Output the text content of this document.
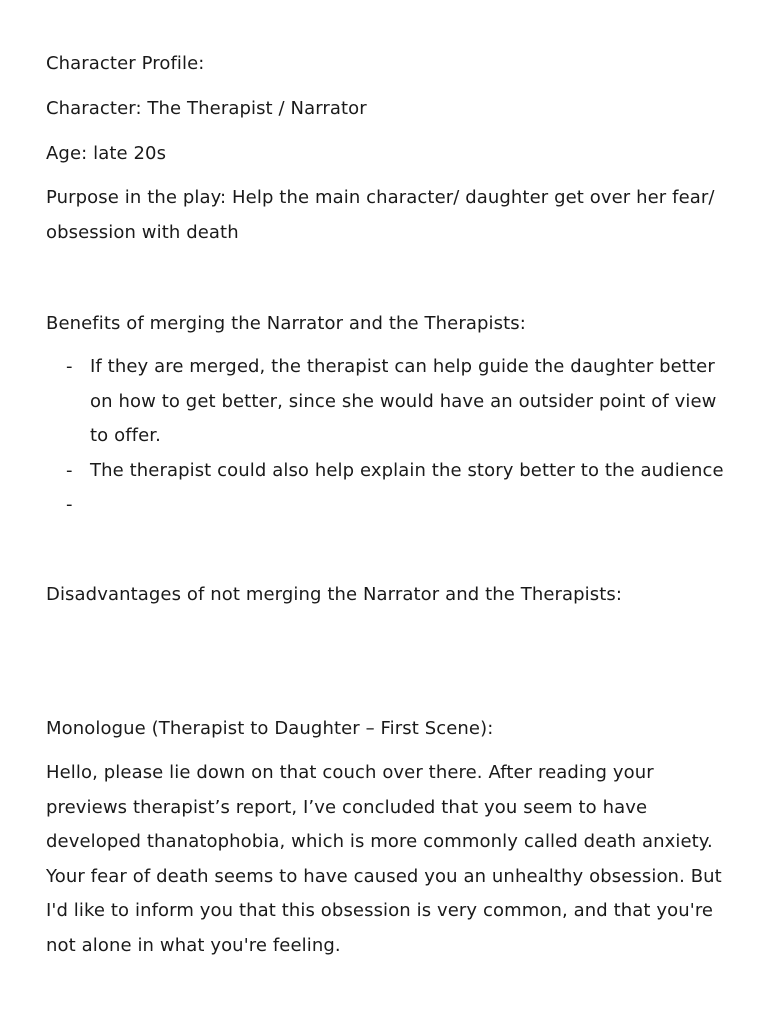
Character Profile:
Character: The Therapist / Narrator
Age: late 20s
Purpose in the play: Help the main character/ daughter get over her fear/ obsession with death
Benefits of merging the Narrator and the Therapists:
- If they are merged, the therapist can help guide the daughter better on how to get better, since she would have an outsider point of view to offer.
- The therapist could also help explain the story better to the audience
-
Disadvantages of not merging the Narrator and the Therapists:
Monologue (Therapist to Daughter – First Scene):
Hello, please lie down on that couch over there. After reading your previews therapist’s report, I’ve concluded that you seem to have developed thanatophobia, which is more commonly called death anxiety. Your fear of death seems to have caused you an unhealthy obsession. But I'd like to inform you that this obsession is very common, and that you're not alone in what you're feeling.
